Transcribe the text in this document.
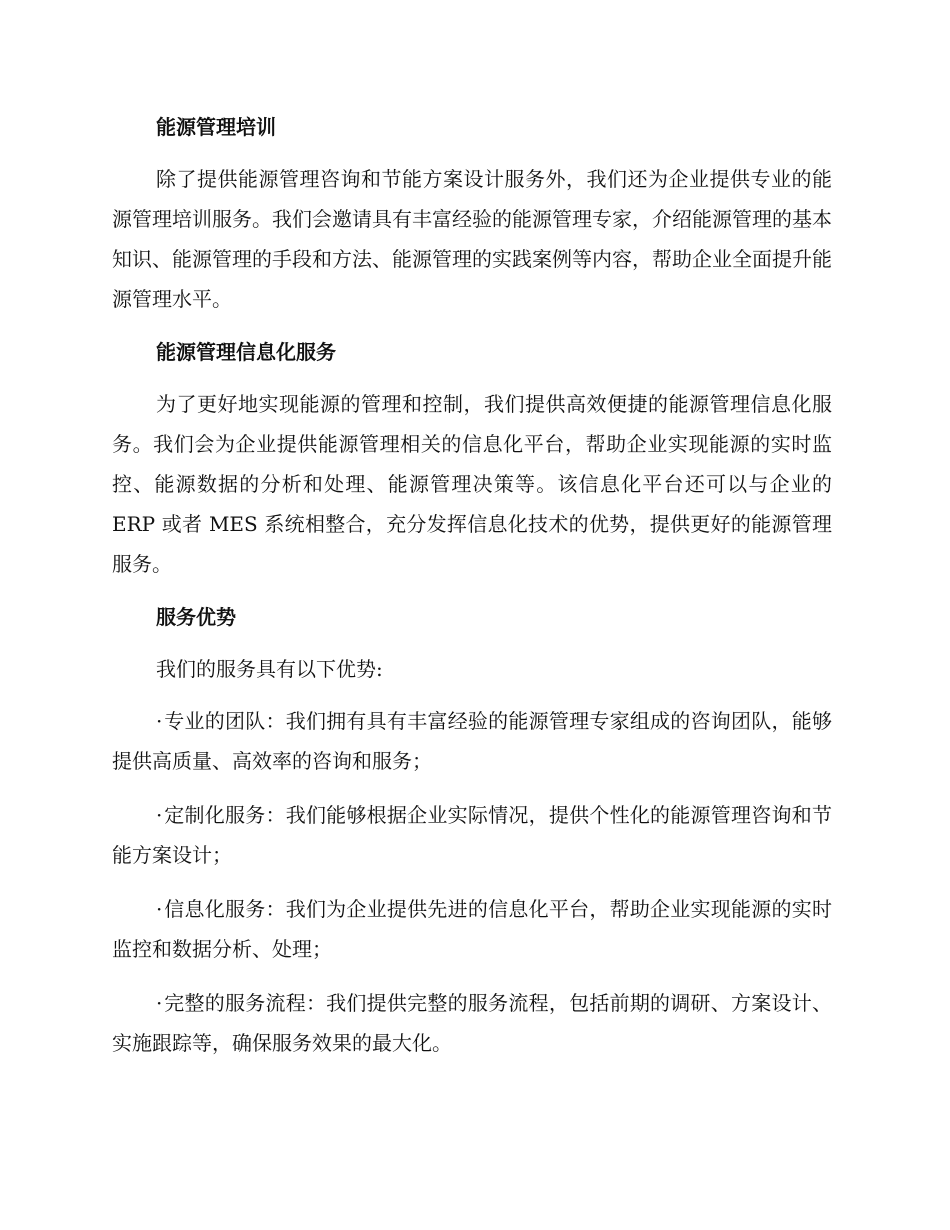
能源管理培训

除了提供能源管理咨询和节能方案设计服务外，我们还为企业提供专业的能源管理培训服务。我们会邀请具有丰富经验的能源管理专家，介绍能源管理的基本知识、能源管理的手段和方法、能源管理的实践案例等内容，帮助企业全面提升能源管理水平。

能源管理信息化服务

为了更好地实现能源的管理和控制，我们提供高效便捷的能源管理信息化服务。我们会为企业提供能源管理相关的信息化平台，帮助企业实现能源的实时监控、能源数据的分析和处理、能源管理决策等。该信息化平台还可以与企业的 ERP 或者 MES 系统相整合，充分发挥信息化技术的优势，提供更好的能源管理服务。

服务优势

我们的服务具有以下优势:

·专业的团队：我们拥有具有丰富经验的能源管理专家组成的咨询团队，能够提供高质量、高效率的咨询和服务；

·定制化服务：我们能够根据企业实际情况，提供个性化的能源管理咨询和节能方案设计；

·信息化服务：我们为企业提供先进的信息化平台，帮助企业实现能源的实时监控和数据分析、处理；

·完整的服务流程：我们提供完整的服务流程，包括前期的调研、方案设计、实施跟踪等，确保服务效果的最大化。
